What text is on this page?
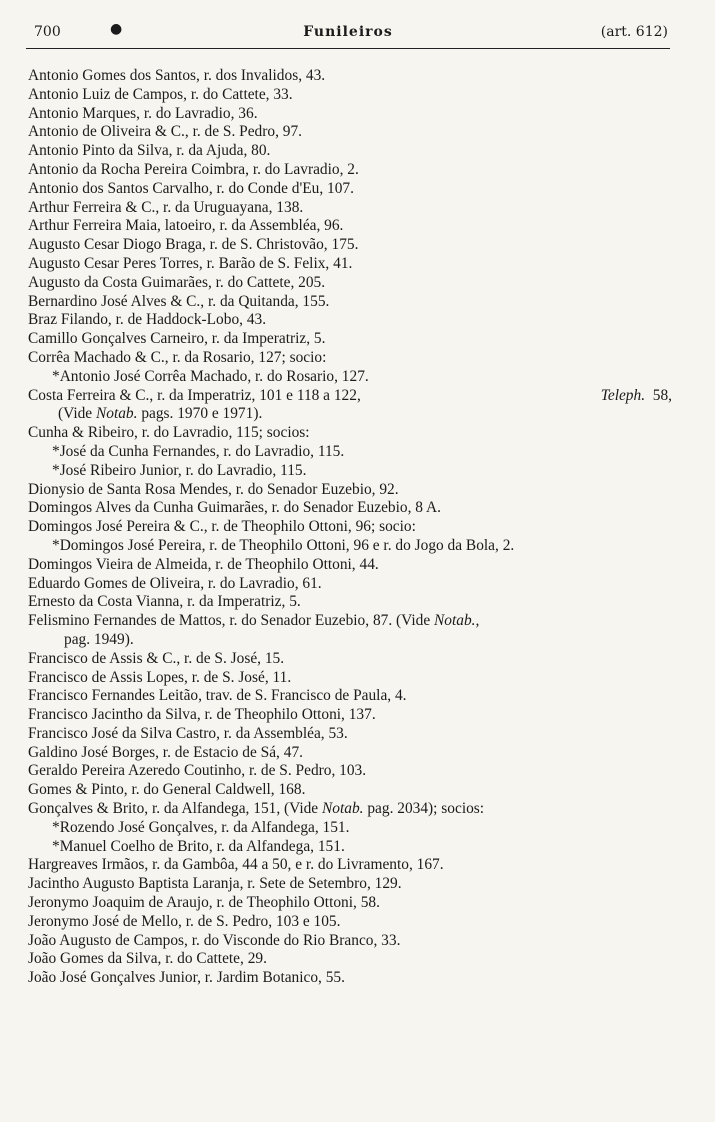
700	●	Funileiros	(art. 612)
Antonio Gomes dos Santos, r. dos Invalidos, 43.
Antonio Luiz de Campos, r. do Cattete, 33.
Antonio Marques, r. do Lavradio, 36.
Antonio de Oliveira & C., r. de S. Pedro, 97.
Antonio Pinto da Silva, r. da Ajuda, 80.
Antonio da Rocha Pereira Coimbra, r. do Lavradio, 2.
Antonio dos Santos Carvalho, r. do Conde d'Eu, 107.
Arthur Ferreira & C., r. da Uruguayana, 138.
Arthur Ferreira Maia, latoeiro, r. da Assembléa, 96.
Augusto Cesar Diogo Braga, r. de S. Christovão, 175.
Augusto Cesar Peres Torres, r. Barão de S. Felix, 41.
Augusto da Costa Guimarães, r. do Cattete, 205.
Bernardino José Alves & C., r. da Quitanda, 155.
Braz Filando, r. de Haddock-Lobo, 43.
Camillo Gonçalves Carneiro, r. da Imperatriz, 5.
Corrêa Machado & C., r. da Rosario, 127; socio:
*Antonio José Corrêa Machado, r. do Rosario, 127.
Costa Ferreira & C., r. da Imperatriz, 101 e 118 a 122,	Teleph. 58,
(Vide Notab. pags. 1970 e 1971).
Cunha & Ribeiro, r. do Lavradio, 115; socios:
*José da Cunha Fernandes, r. do Lavradio, 115.
*José Ribeiro Junior, r. do Lavradio, 115.
Dionysio de Santa Rosa Mendes, r. do Senador Euzebio, 92.
Domingos Alves da Cunha Guimarães, r. do Senador Euzebio, 8 A.
Domingos José Pereira & C., r. de Theophilo Ottoni, 96; socio:
*Domingos José Pereira, r. de Theophilo Ottoni, 96 e r. do Jogo da Bola, 2.
Domingos Vieira de Almeida, r. de Theophilo Ottoni, 44.
Eduardo Gomes de Oliveira, r. do Lavradio, 61.
Ernesto da Costa Vianna, r. da Imperatriz, 5.
Felismino Fernandes de Mattos, r. do Senador Euzebio, 87. (Vide Notab.,
pag. 1949).
Francisco de Assis & C., r. de S. José, 15.
Francisco de Assis Lopes, r. de S. José, 11.
Francisco Fernandes Leitão, trav. de S. Francisco de Paula, 4.
Francisco Jacintho da Silva, r. de Theophilo Ottoni, 137.
Francisco José da Silva Castro, r. da Assembléa, 53.
Galdino José Borges, r. de Estacio de Sá, 47.
Geraldo Pereira Azeredo Coutinho, r. de S. Pedro, 103.
Gomes & Pinto, r. do General Caldwell, 168.
Gonçalves & Brito, r. da Alfandega, 151, (Vide Notab. pag. 2034); socios:
*Rozendo José Gonçalves, r. da Alfandega, 151.
*Manuel Coelho de Brito, r. da Alfandega, 151.
Hargreaves Irmãos, r. da Gambôa, 44 a 50, e r. do Livramento, 167.
Jacintho Augusto Baptista Laranja, r. Sete de Setembro, 129.
Jeronymo Joaquim de Araujo, r. de Theophilo Ottoni, 58.
Jeronymo José de Mello, r. de S. Pedro, 103 e 105.
João Augusto de Campos, r. do Visconde do Rio Branco, 33.
João Gomes da Silva, r. do Cattete, 29.
João José Gonçalves Junior, r. Jardim Botanico, 55.
